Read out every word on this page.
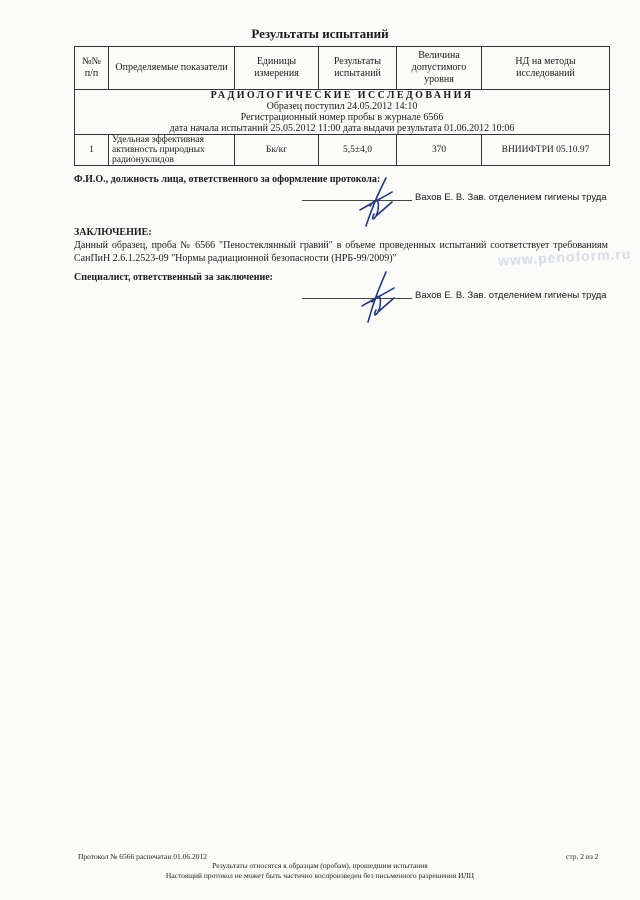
Результаты испытаний
№№ п/п	Определяемые показатели	Единицы измерения	Результаты испытаний	Величина допустимого уровня	НД на методы исследований

РАДИОЛОГИЧЕСКИЕ ИССЛЕДОВАНИЯ
Образец поступил 24.05.2012 14:10
Регистрационный номер пробы в журнале 6566
дата начала испытаний 25.05.2012 11:00 дата выдачи результата 01.06.2012 10:06					

1	Удельная эффективная активность природных радионуклидов	Бк/кг	5,5±4,0	370	ВНИИФТРИ 05.10.97
Ф.И.О., должность лица, ответственного за оформление протокола:
Вахов Е. В. Зав. отделением гигиены труда
ЗАКЛЮЧЕНИЕ:
Данный образец, проба № 6566 "Пеностеклянный гравий" в объеме проведенных испытаний соответствует требованиям СанПиН 2.6.1.2523-09 "Нормы радиационной безопасности (НРБ-99/2009)"	www.penoform.ru
Специалист, ответственный за заключение:
Вахов Е. В. Зав. отделением гигиены труда
Протокол № 6566 распечатан 01.06.2012	стр. 2 из 2
Результаты относятся к образцам (пробам), прошедшим испытания
Настоящий протокол не может быть частично воспроизведен без письменного разрешения ИЛЦ
